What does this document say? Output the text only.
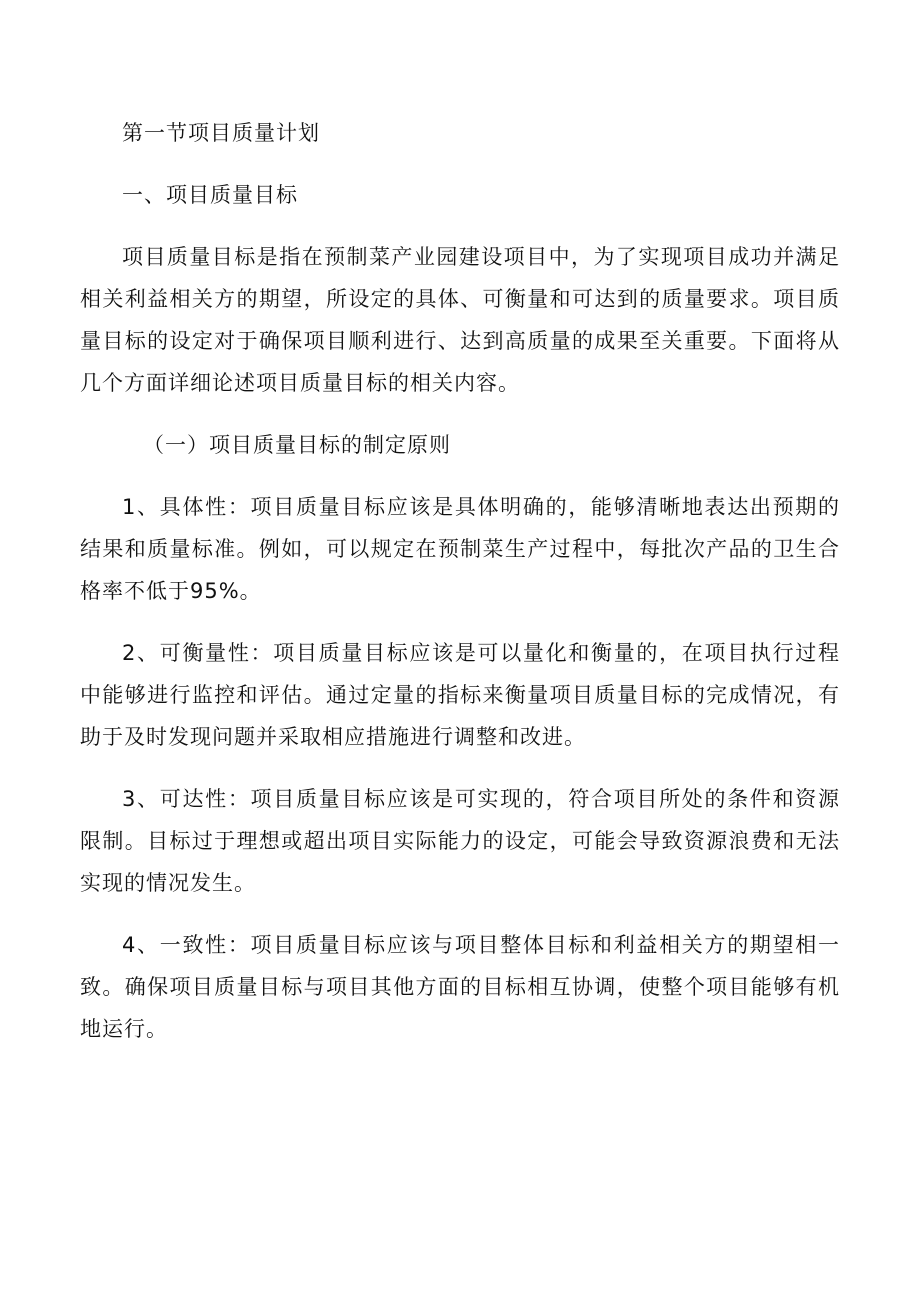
第一节项目质量计划

一、项目质量目标

项目质量目标是指在预制菜产业园建设项目中，为了实现项目成功并满足相关利益相关方的期望，所设定的具体、可衡量和可达到的质量要求。项目质量目标的设定对于确保项目顺利进行、达到高质量的成果至关重要。下面将从几个方面详细论述项目质量目标的相关内容。

（一）项目质量目标的制定原则

1、具体性：项目质量目标应该是具体明确的，能够清晰地表达出预期的结果和质量标准。例如，可以规定在预制菜生产过程中，每批次产品的卫生合格率不低于95%。

2、可衡量性：项目质量目标应该是可以量化和衡量的，在项目执行过程中能够进行监控和评估。通过定量的指标来衡量项目质量目标的完成情况，有助于及时发现问题并采取相应措施进行调整和改进。

3、可达性：项目质量目标应该是可实现的，符合项目所处的条件和资源限制。目标过于理想或超出项目实际能力的设定，可能会导致资源浪费和无法实现的情况发生。

4、一致性：项目质量目标应该与项目整体目标和利益相关方的期望相一致。确保项目质量目标与项目其他方面的目标相互协调，使整个项目能够有机地运行。
